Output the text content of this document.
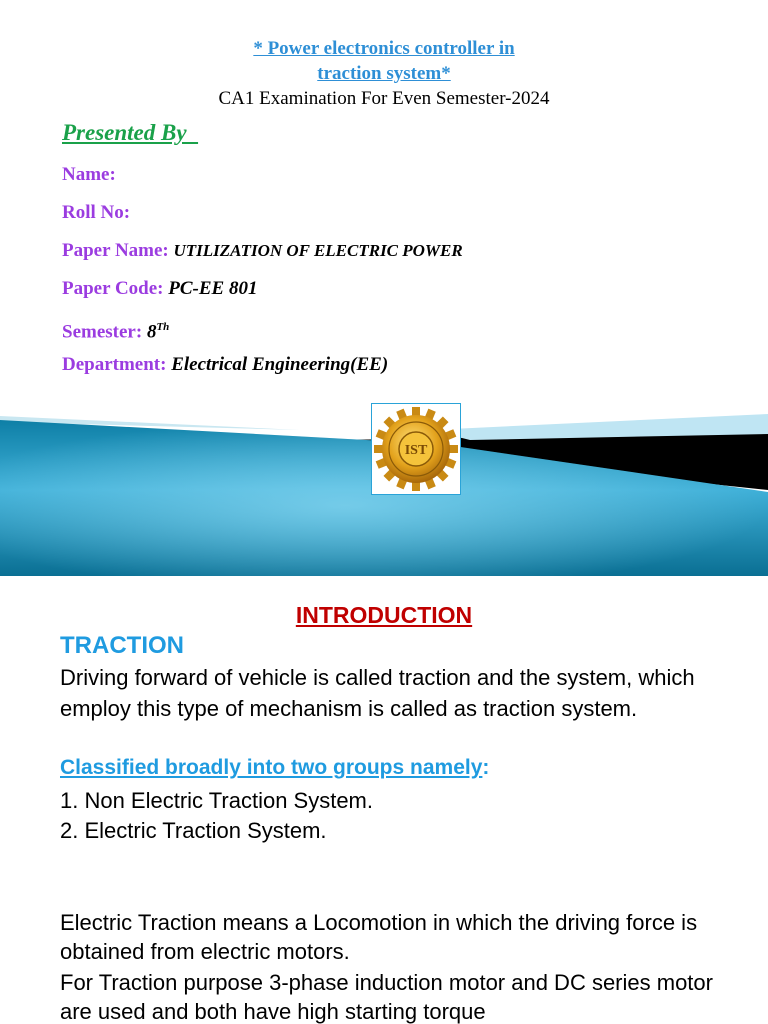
* Power electronics controller in
traction system*
CA1 Examination For Even Semester-2024
Presented By
Name:
Roll No:
Paper Name: UTILIZATION OF ELECTRIC POWER
Paper Code: PC-EE 801
Semester: 8Th
Department: Electrical Engineering(EE)
IST
INTRODUCTION
TRACTION
Driving forward of vehicle is called traction and the system, which employ this type of mechanism is called as traction system.
Classified broadly into two groups namely:
1. Non Electric Traction System.
2. Electric Traction System.
Electric Traction means a Locomotion in which the driving force is obtained from electric motors.
For Traction purpose 3-phase induction motor and DC series motor are used and both have high starting torque
